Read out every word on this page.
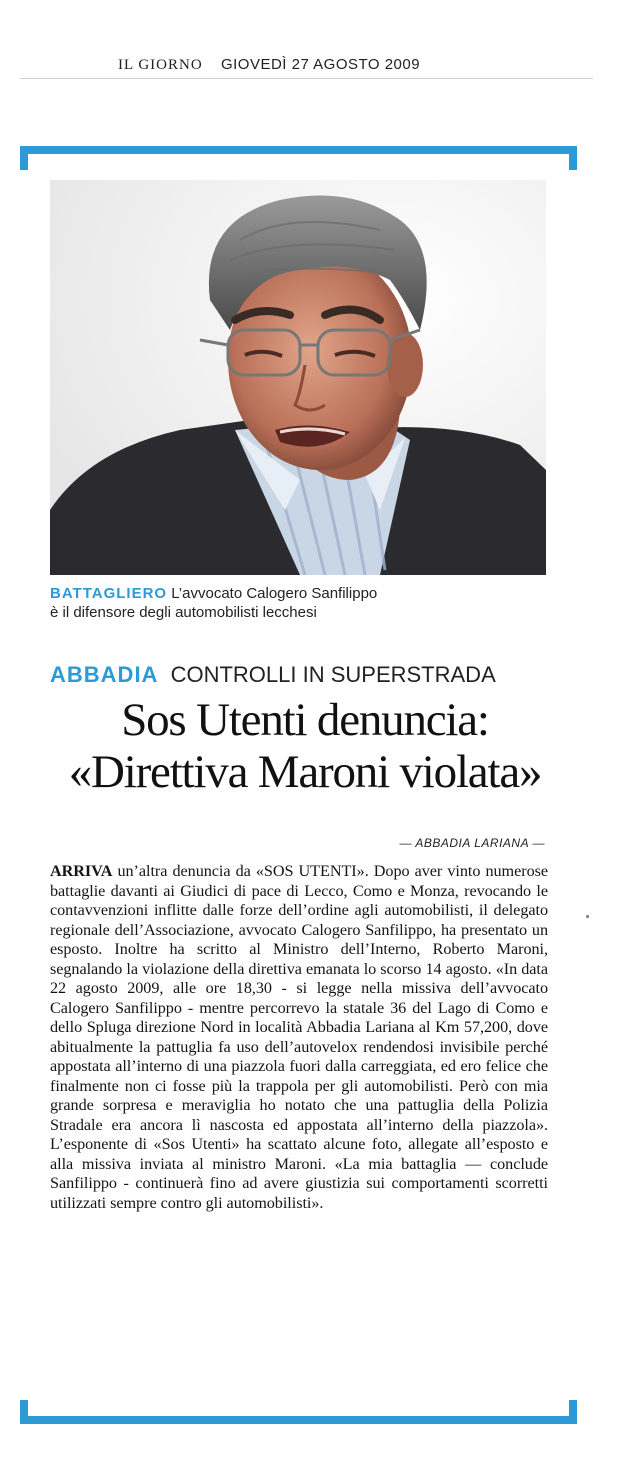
IL GIORNO GIOVEDÌ 27 AGOSTO 2009
BATTAGLIERO L’avvocato Calogero Sanfilippo
è il difensore degli automobilisti lecchesi
ABBADIA CONTROLLI IN SUPERSTRADA
Sos Utenti denuncia:
«Direttiva Maroni violata»
— ABBADIA LARIANA —
ARRIVA un’altra denuncia da «SOS UTENTI». Dopo aver vinto numerose battaglie davanti ai Giudici di pace di Lecco, Como e Monza, revocando le contavvenzioni inflitte dalle forze dell’ordine agli automobilisti, il delegato regionale dell’Associazione, avvocato Calogero Sanfilippo, ha presentato un esposto. Inoltre ha scritto al Ministro dell’Interno, Roberto Maroni, segnalando la violazione della direttiva emanata lo scorso 14 agosto. «In data 22 agosto 2009, alle ore 18,30 - si legge nella missiva dell’avvocato Calogero Sanfilippo - mentre percorrevo la statale 36 del Lago di Como e dello Spluga direzione Nord in località Abbadia Lariana al Km 57,200, dove abitualmente la pattuglia fa uso dell’autovelox rendendosi invisibile perché appostata all’interno di una piazzola fuori dalla carreggiata, ed ero felice che finalmente non ci fosse più la trappola per gli automobilisti. Però con mia grande sorpresa e meraviglia ho notato che una pattuglia della Polizia Stradale era ancora lì nascosta ed appostata all’interno della piazzola». L’esponente di «Sos Utenti» ha scattato alcune foto, allegate all’esposto e alla missiva inviata al ministro Maroni. «La mia battaglia — conclude Sanfilippo - continuerà fino ad avere giustizia sui comportamenti scorretti utilizzati sempre contro gli automobilisti».
